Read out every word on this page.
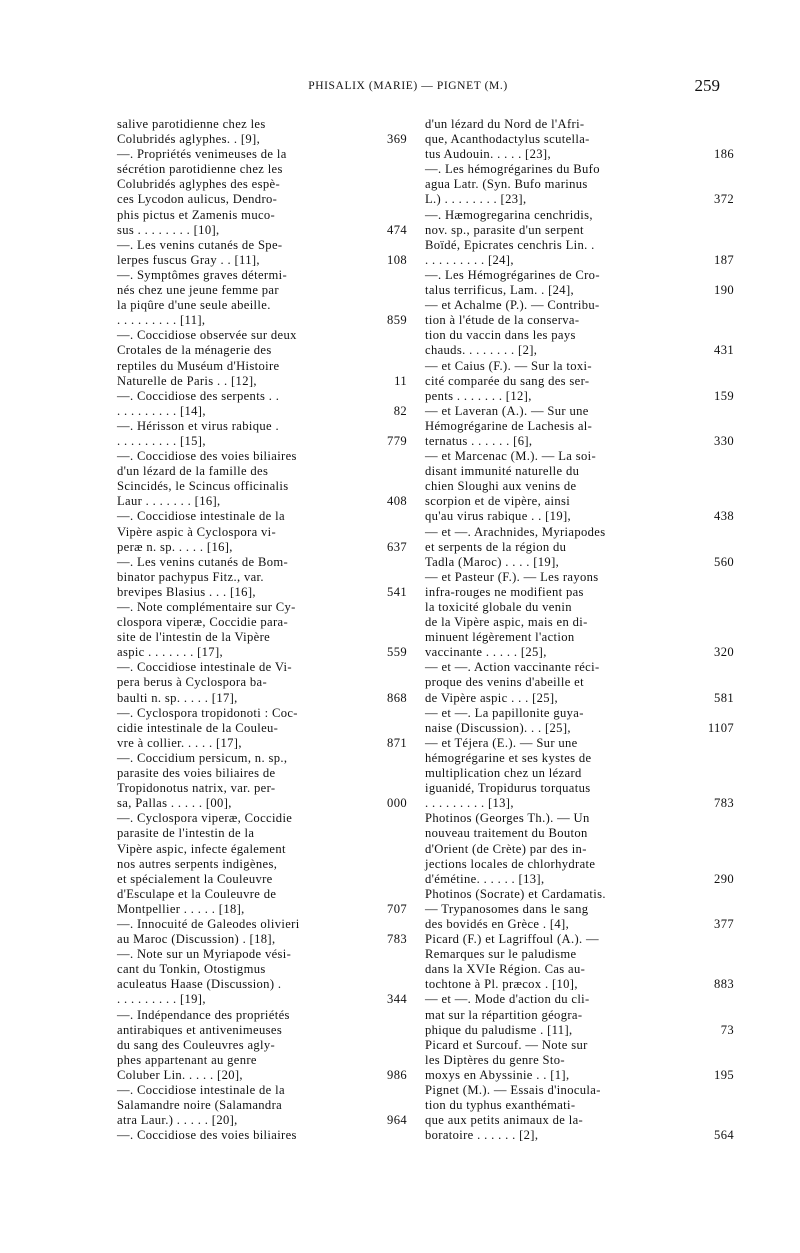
PHISALIX (MARIE) — PIGNET (M.)	259
salive parotidienne chez les
Colubridés aglyphes. . [9],	369
—. Propriétés venimeuses de la
sécrétion parotidienne chez les
Colubridés aglyphes des espè-
ces Lycodon aulicus, Dendro-
phis pictus et Zamenis muco-
sus . . . . . . . . [10],	474
—. Les venins cutanés de Spe-
lerpes fuscus Gray . . [11],	108
—. Symptômes graves détermi-
nés chez une jeune femme par
la piqûre d'une seule abeille.
. . . . . . . . . [11],	859
—. Coccidiose observée sur deux
Crotales de la ménagerie des
reptiles du Muséum d'Histoire
Naturelle de Paris . . [12],	11
—. Coccidiose des serpents . .
. . . . . . . . . [14],	82
—. Hérisson et virus rabique .
. . . . . . . . . [15],	779
—. Coccidiose des voies biliaires
d'un lézard de la famille des
Scincidés, le Scincus officinalis
Laur . . . . . . . [16],	408
—. Coccidiose intestinale de la
Vipère aspic à Cyclospora vi-
peræ n. sp. . . . . [16],	637
—. Les venins cutanés de Bom-
binator pachypus Fitz., var.
brevipes Blasius . . . [16],	541
—. Note complémentaire sur Cy-
clospora viperæ, Coccidie para-
site de l'intestin de la Vipère
aspic . . . . . . . [17],	559
—. Coccidiose intestinale de Vi-
pera berus à Cyclospora ba-
baulti n. sp. . . . . [17],	868
—. Cyclospora tropidonoti : Coc-
cidie intestinale de la Couleu-
vre à collier. . . . . [17],	871
—. Coccidium persicum, n. sp.,
parasite des voies biliaires de
Tropidonotus natrix, var. per-
sa, Pallas . . . . . [00],	000
—. Cyclospora viperæ, Coccidie
parasite de l'intestin de la
Vipère aspic, infecte également
nos autres serpents indigènes,
et spécialement la Couleuvre
d'Esculape et la Couleuvre de
Montpellier . . . . . [18],	707
—. Innocuité de Galeodes olivieri
au Maroc (Discussion) . [18],	783
—. Note sur un Myriapode vési-
cant du Tonkin, Otostigmus
aculeatus Haase (Discussion) .
. . . . . . . . . [19],	344
—. Indépendance des propriétés
antirabiques et antivenimeuses
du sang des Couleuvres agly-
phes appartenant au genre
Coluber Lin. . . . . [20],	986
—. Coccidiose intestinale de la
Salamandre noire (Salamandra
atra Laur.) . . . . . [20],	964
—. Coccidiose des voies biliaires
d'un lézard du Nord de l'Afri-
que, Acanthodactylus scutella-
tus Audouin. . . . . [23],	186
—. Les hémogrégarines du Bufo
agua Latr. (Syn. Bufo marinus
L.) . . . . . . . . [23],	372
—. Hæmogregarina cenchridis,
nov. sp., parasite d'un serpent
Boïdé, Epicrates cenchris Lin. .
. . . . . . . . . [24],	187
—. Les Hémogrégarines de Cro-
talus terrificus, Lam. . [24],	190
— et Achalme (P.). — Contribu-
tion à l'étude de la conserva-
tion du vaccin dans les pays
chauds. . . . . . . . [2],	431
— et Caius (F.). — Sur la toxi-
cité comparée du sang des ser-
pents . . . . . . . [12],	159
— et Laveran (A.). — Sur une
Hémogrégarine de Lachesis al-
ternatus . . . . . . [6],	330
— et Marcenac (M.). — La soi-
disant immunité naturelle du
chien Sloughi aux venins de
scorpion et de vipère, ainsi
qu'au virus rabique . . [19],	438
— et —. Arachnides, Myriapodes
et serpents de la région du
Tadla (Maroc) . . . . [19],	560
— et Pasteur (F.). — Les rayons
infra-rouges ne modifient pas
la toxicité globale du venin
de la Vipère aspic, mais en di-
minuent légèrement l'action
vaccinante . . . . . [25],	320
— et —. Action vaccinante réci-
proque des venins d'abeille et
de Vipère aspic . . . [25],	581
— et —. La papillonite guya-
naise (Discussion). . . [25],	1107
— et Téjera (E.). — Sur une
hémogrégarine et ses kystes de
multiplication chez un lézard
iguanidé, Tropidurus torquatus
. . . . . . . . . [13],	783
Photinos (Georges Th.). — Un
nouveau traitement du Bouton
d'Orient (de Crète) par des in-
jections locales de chlorhydrate
d'émétine. . . . . . [13],	290
Photinos (Socrate) et Cardamatis.
— Trypanosomes dans le sang
des bovidés en Grèce . [4],	377
Picard (F.) et Lagriffoul (A.). —
Remarques sur le paludisme
dans la XVIe Région. Cas au-
tochtone à Pl. præcox . [10],	883
— et —. Mode d'action du cli-
mat sur la répartition géogra-
phique du paludisme . [11],	73
Picard et Surcouf. — Note sur
les Diptères du genre Sto-
moxys en Abyssinie . . [1],	195
Pignet (M.). — Essais d'inocula-
tion du typhus exanthémati-
que aux petits animaux de la-
boratoire . . . . . . [2],	564
